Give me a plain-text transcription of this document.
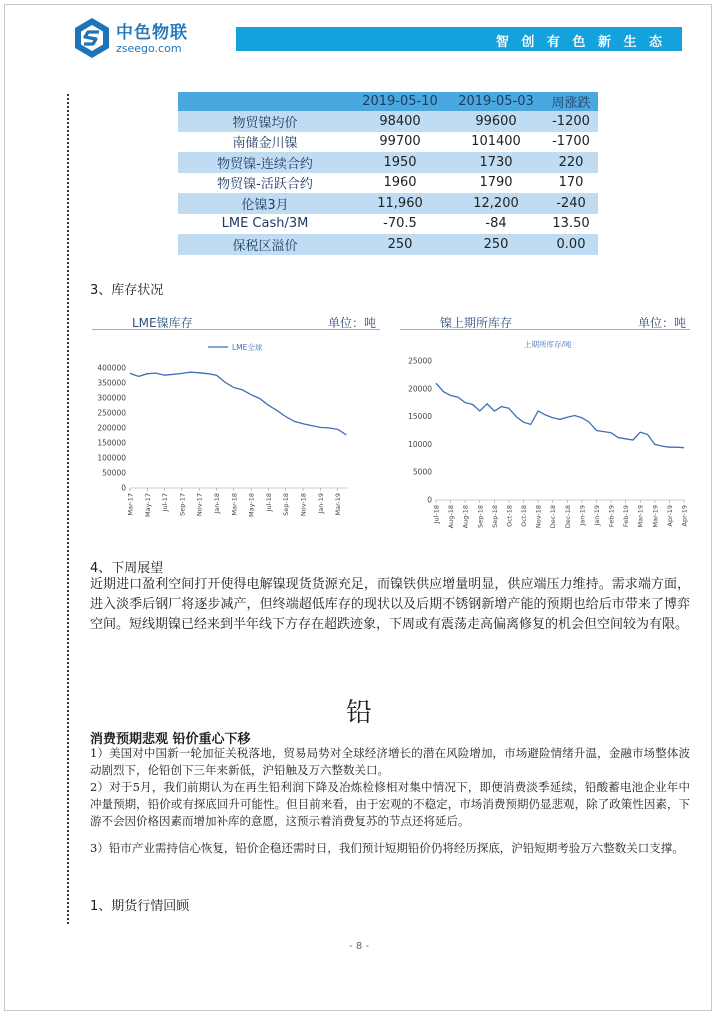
中色物联
zseego.com	智 创 有 色 新 生 态
	2019-05-10	2019-05-03	周涨跌
物贸镍均价	98400	99600	-1200
南储金川镍	99700	101400	-1700
物贸镍-连续合约	1950	1730	220
物贸镍-活跃合约	1960	1790	170
伦镍3月	11,960	12,200	-240
LME Cash/3M	-70.5	-84	13.50
保税区溢价	250	250	0.00
3、库存状况
LME镍库存	单位：吨
LME全球
400000
350000
300000
250000
200000
150000
100000
50000
0
Mar-17 May-17 Jul-17 Sep-17 Nov-17 Jan-18 Mar-18 May-18 Jul-18 Sep-18 Nov-18 Jan-19 Mar-19
镍上期所库存	单位：吨
上期所库存/吨
25000
20000
15000
10000
5000
0
Jul-18 Aug-18 Aug-18 Sep-18 Sep-18 Oct-18 Oct-18 Nov-18 Dec-18 Dec-18 Jan-19 Jan-19 Feb-19 Feb-19 Mar-19 Mar-19 Apr-19 Apr-19
4、下周展望
近期进口盈利空间打开使得电解镍现货货源充足，而镍铁供应增量明显，供应端压力维持。需求端方面，进入淡季后钢厂将逐步减产，但终端超低库存的现状以及后期不锈钢新增产能的预期也给后市带来了博弈空间。短线期镍已经来到半年线下方存在超跌迹象，下周或有震荡走高偏离修复的机会但空间较为有限。
铅
消费预期悲观 铅价重心下移
1）美国对中国新一轮加征关税落地，贸易局势对全球经济增长的潜在风险增加，市场避险情绪升温，金融市场整体波动剧烈下，伦铅创下三年来新低，沪铅触及万六整数关口。
2）对于5月，我们前期认为在再生铅利润下降及冶炼检修相对集中情况下，即便消费淡季延续，铅酸蓄电池企业年中冲量预期，铅价或有探底回升可能性。但目前来看，由于宏观的不稳定，市场消费预期仍显悲观，除了政策性因素，下游不会因价格因素而增加补库的意愿，这预示着消费复苏的节点还将延后。
3）铅市产业需持信心恢复，铅价企稳还需时日，我们预计短期铅价仍将经历探底，沪铅短期考验万六整数关口支撑。
1、期货行情回顾
- 8 -
